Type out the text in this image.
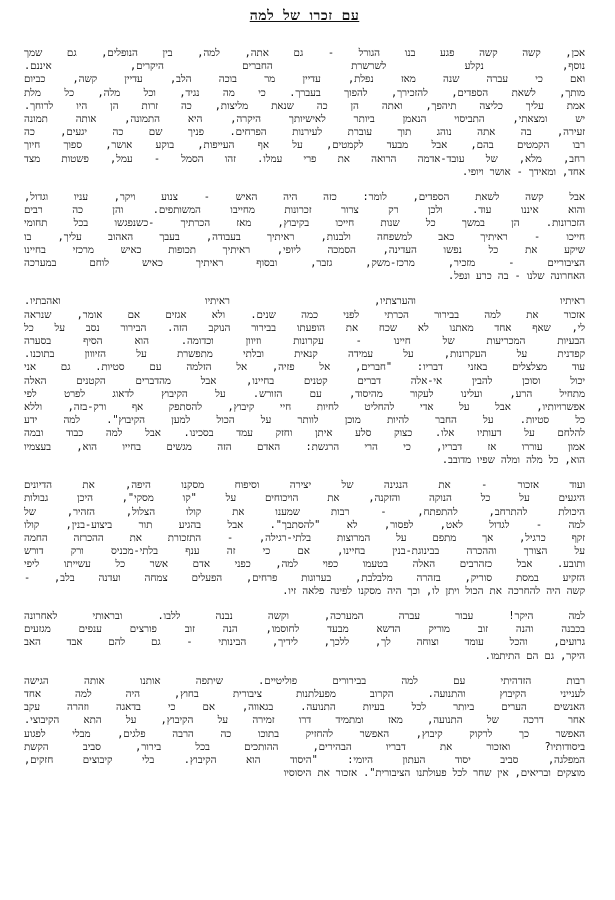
עם זכרו של למה
אכן, קשה קשה פגע בנו הגורל - גם אתה, למה, בין הנופלים, גם שמך
נוסף, נקלע לשרשרת החברים היקרים, איננם.
ואם כי עברה שנה מאז נפלת, עדיין מר בוכה הלב, עדיין קשה, כביום
מותך, לשאת הספדים, להזכירך, להפוך בעברך. כי מה נגיד, וכל מלה, כל מלת
אמת עליך כליצה תיהפך, ואתה הן כה שנאת מליצות, כה זרות הן היו לרוחך.
יש ומצאתי, התביסוי הנאמן ביותר לאישיותך היקרה, היא התמונה, אותה תמונה
זעירה, בה אתה נוהג תוך עוברת לעירנות הפרחים. פניך שם כה יגעים, כה
רבו הקמטים בהם, אבל מבעד לקמטים, על אף העייפות, בוקע אושר, ספוך חיוך
רחב, מלא, של עובד-אדמה הרואה את פרי עמלו. זהו הסמל - עמל, פשטות מצד
אחד, ומאידך - אושר ויופי.
אבל קשה לשאת הספדים, לומר: כזה היה האיש - צנוע ויקר, עניו וגדול,
והוא איננו עוד. ולכן רק צרור זכרונות מחייבו המשותפים. והן כה רבים
הזכרונות. הן במשך כל שנות חייכו בקיבוץ, מאז הכרתיך -כשנפגשו בכל תחומי
חייכו - ראיתיך כאב למשפחה ולבנות, ראיתיך בעבודה, בעבך האהוב עליך, בו
שיקע את כל נפשו העדינה, הסמכה ליופי, ראיתיך תכופות כאיש מרכזי בחיינו
הציבוריים - מזכיר, מרכז-משק, גזבר, ובסוף ראיתיך כאיש לוחם במערכה
האחרונה שלנו - בה כרע ונפל.
ראיתיו והערצתיו, ראיתיו ואהבתיו.
אזכור את למה בבירור הכרתי לפני כמה שנים. ולא אגזים אם אומר, שנראה
לי, שאף אחד מאתנו לא שכח את הופעתו בבירור הנוקב הזה. הבירור נסב על כל
הבעיות המכריעות של חיינו - עקרונות וזיוון וכדומה. הוא הסיף בסערה
קפדנית על העקרונות, על עמידה קנאית ובלתי מתפשרת על הזיווון בתוכנו.
עוד מצלצלים באזני דבריו: "חברים, אל פזיה, אל הזלמה עם סטיות. גם אני
יכול וסוכן להבין אי-אלה דברים קטנים בחיינו, אבל מהדברים הקטנים האלה
מתחיל הרע, ועלינו לעקור מהיסוד, עם הזורש. על הקיבוץ לדאוג לפרט לפי
אפשרויותיו, אבל על אדי להחליט לחיות חיי קיבוץ, להסתפק אף ורק-בזה, וללא
כל סטיות. על החבר להיות מוכן לוותר על הכול למען הקיבוץ". למה ידע
להלחם על דעותיו אלו. כצוק סלע איתן וחזק עמד בסכינו. אבל למה כבוד ובמה
אמון עוררו אז דבריו, כי הרי הרגשת: האדם הזה מגשים בחייו הוא, בעצמיו
הוא, כל מלה ומלה שפיו מדובב.
ועוד אזכור - את הנגינה של יצירה וסיפוח מסקנו היפה, את הדיונים
היגעים על כל הנוקה והזקנה, את הויכוחים על "קו מסקי", היכן גבולות
היכולת להתרחב, להתפתח, - רבות שמענו את קולו הצלול, הזהיר, של
למה - לגדול לאט, לפסור, לא "להסתבך". אבל בהגיע תור ביצוע-בנין, קולו
זקף כרגיל, אך מתפם על המרוצות בלתי-רגילה, - התזכורת את ההכרזה החמה
על הצורך וההכרה בבינוגת-בנין בחיינו, אם כי זה ענף בלתי-מכניס ורק דורש
ותובע. אבל כזהרבים האלה בטעמו כפוי למה, כפני אדם אשר כל עשייתו ליפי
הזקיע במסת סוריק, בזהרה מלבלבת, בערוגות פרחים, הפעלים צמחה ועדנה בלב, -
קשה היה להחרכה את הכול ויתן לו, וכך היה מסקנו לפינה פלאה זיו.
למה היקר! עבור עברה המערכה, וקשה נבנה ללבו. ובראותי לאחרונה
בכבנה והנה זוב מוריק הדשא מבעד לחוסמו, הנה זוב פורצים ענפים מגזעים
גרועים, והכל עומד וצוחה לך, ללכך, לידיך, הבינותי - גם להם אבד האב
היקר, גם הם התיתמו.
רבות הזדהיתי עם למה בבירורים פוליטיים. שיתפה אותנו אותה הגישה
לענייני הקיבוץ והתנועה. הקרוב מפעלתנות ציבורית בחוץ, היה למה אחד
האנשים הערים ביותר לכל בעיות התנועה. בגאווה, אם כי בדאגה וזהרה עקב
אחר דרכה של התנועה, מאז ומתמיד דרו זמירה על הקיבוץ, על התא הקיבוצי.
האפשר כך לרקוק קיבוץ, האפשר להחזיק בתוכו כה הרבה פלגים, מבלי לפגוע
ביסודותיו? ואזכור את דבריו הבהירים, ההותכים בכל בירור, סביב הקשת
המפלגה, סביב יסוד העתון היומי: "היסוד הוא הקיבוץ. בלי קיבוצים חזקים,
מוצקים ובריאים, אין שחר לכל פעולתנו הציבורית". אזכור את היסוסיו
